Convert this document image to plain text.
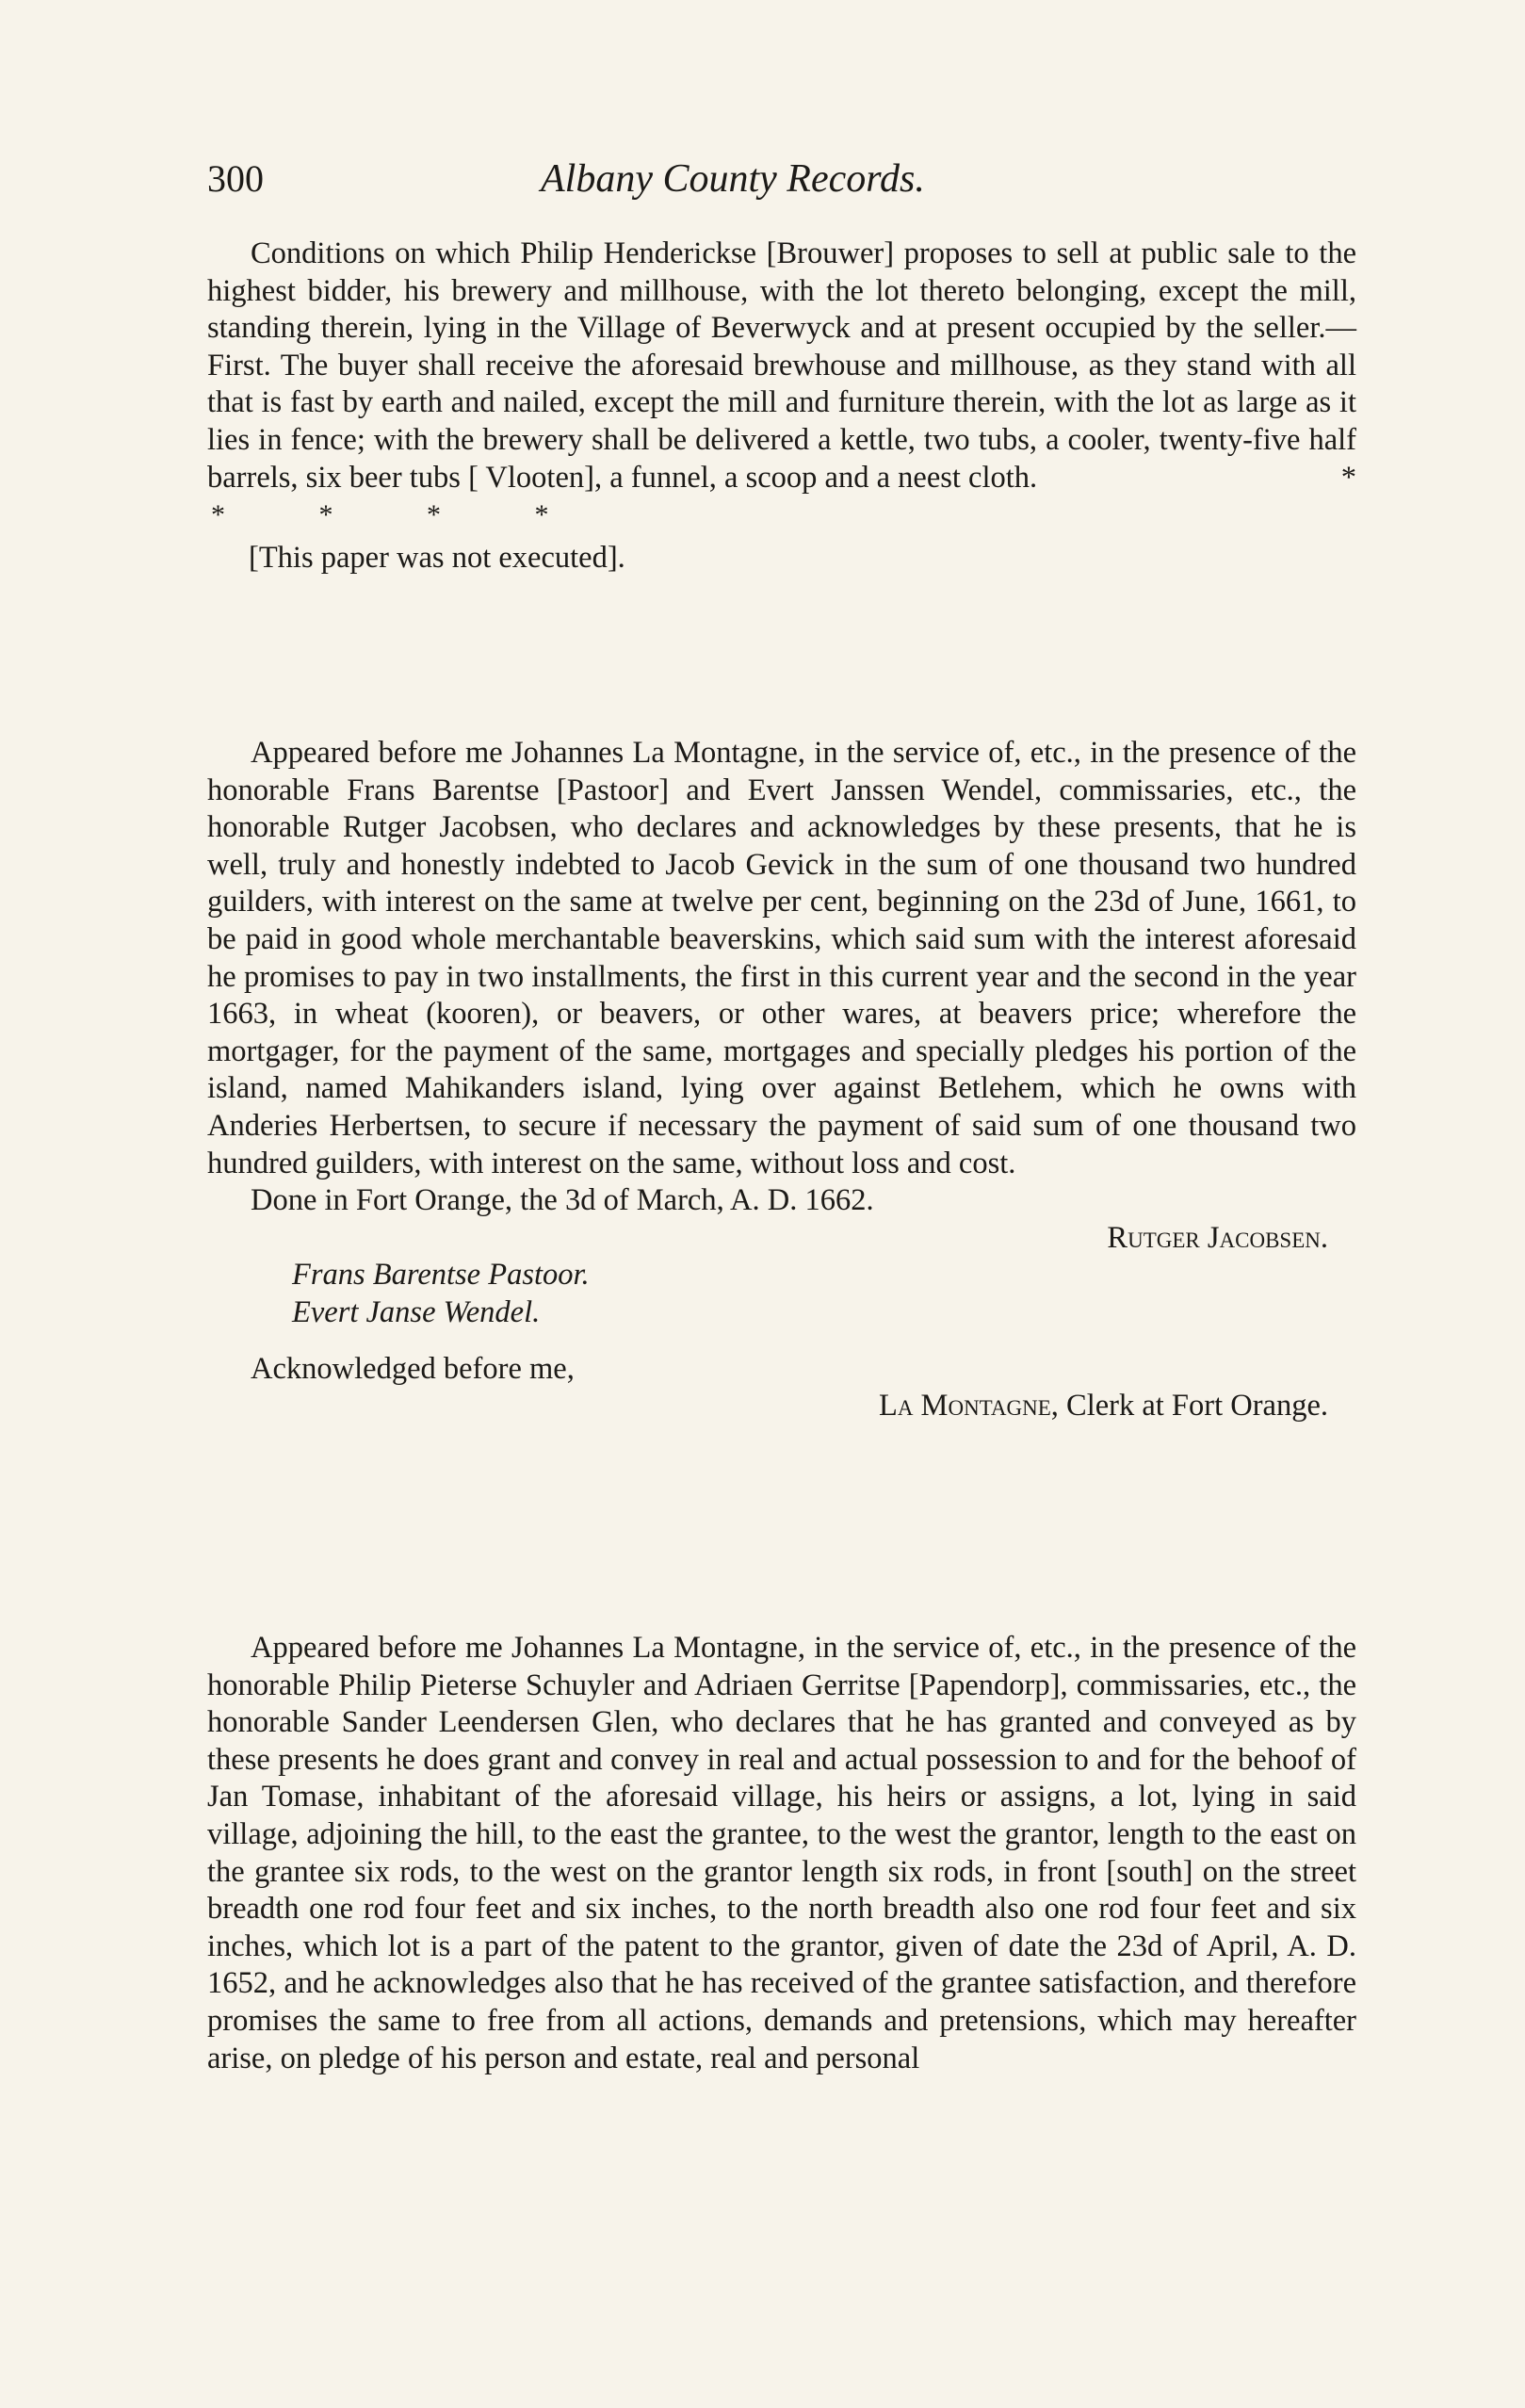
300	Albany County Records.

Conditions on which Philip Henderickse [Brouwer] proposes to sell at public sale to the highest bidder, his brewery and millhouse, with the lot thereto belonging, except the mill, standing therein, lying in the Village of Beverwyck and at present occupied by the seller.— First. The buyer shall receive the aforesaid brewhouse and millhouse, as they stand with all that is fast by earth and nailed, except the mill and furniture therein, with the lot as large as it lies in fence; with the brewery shall be delivered a kettle, two tubs, a cooler, twenty-five half barrels, six beer tubs [ Vlooten], a funnel, a scoop and a neest cloth.	*

* * * *
[This paper was not executed].

Appeared before me Johannes La Montagne, in the service of, etc., in the presence of the honorable Frans Barentse [Pastoor] and Evert Janssen Wendel, commissaries, etc., the honorable Rutger Jacobsen, who declares and acknowledges by these presents, that he is well, truly and honestly indebted to Jacob Gevick in the sum of one thousand two hundred guilders, with interest on the same at twelve per cent, beginning on the 23d of June, 1661, to be paid in good whole merchantable beaverskins, which said sum with the interest aforesaid he promises to pay in two installments, the first in this current year and the second in the year 1663, in wheat (kooren), or beavers, or other wares, at beavers price; wherefore the mortgager, for the payment of the same, mortgages and specially pledges his portion of the island, named Mahikanders island, lying over against Betlehem, which he owns with Anderies Herbertsen, to secure if necessary the payment of said sum of one thousand two hundred guilders, with interest on the same, without loss and cost.

Done in Fort Orange, the 3d of March, A. D. 1662.
Rutger Jacobsen.
Frans Barentse Pastoor.
Evert Janse Wendel.
Acknowledged before me,
La Montagne, Clerk at Fort Orange.

Appeared before me Johannes La Montagne, in the service of, etc., in the presence of the honorable Philip Pieterse Schuyler and Adriaen Gerritse [Papendorp], commissaries, etc., the honorable Sander Leendersen Glen, who declares that he has granted and conveyed as by these presents he does grant and convey in real and actual possession to and for the behoof of Jan Tomase, inhabitant of the aforesaid village, his heirs or assigns, a lot, lying in said village, adjoining the hill, to the east the grantee, to the west the grantor, length to the east on the grantee six rods, to the west on the grantor length six rods, in front [south] on the street breadth one rod four feet and six inches, to the north breadth also one rod four feet and six inches, which lot is a part of the patent to the grantor, given of date the 23d of April, A. D. 1652, and he acknowledges also that he has received of the grantee satisfaction, and therefore promises the same to free from all actions, demands and pretensions, which may hereafter arise, on pledge of his person and estate, real and personal
